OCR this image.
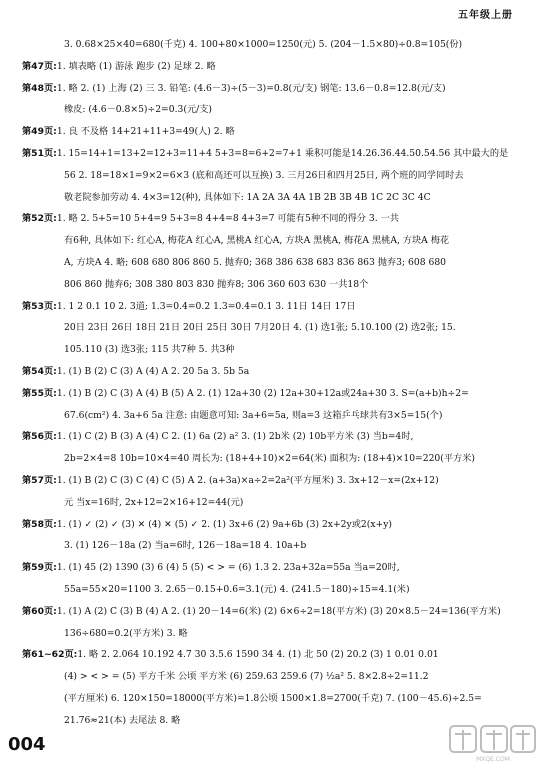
五年级上册
3. 0.68×25×40=680(千克) 4. 100+80×1000=1250(元) 5. (204－1.5×80)÷0.8=105(份)
第47页:1. 填表略 (1) 游泳 跑步 (2) 足球 2. 略
第48页:1. 略 2. (1) 上海 (2) 三 3. 铅笔: (4.6－3)÷(5－3)=0.8(元/支) 钢笔: 13.6－0.8=12.8(元/支)
橡皮: (4.6－0.8×5)÷2=0.3(元/支)
第49页:1. 良 不及格 14+21+11+3=49(人) 2. 略
第51页:1. 15=14+1=13+2=12+3=11+4 5+3=8=6+2=7+1 乘积可能是14.26.36.44.50.54.56 其中最大的是
56 2. 18=18×1=9×2=6×3 (底和高还可以互换) 3. 三月26日和四月25日, 两个班的同学同时去
敬老院参加劳动 4. 4×3=12(种), 具体如下: 1A 2A 3A 4A 1B 2B 3B 4B 1C 2C 3C 4C
第52页:1. 略 2. 5+5=10 5+4=9 5+3=8 4+4=8 4+3=7 可能有5种不同的得分 3. 一共
有6种, 具体如下: 红心A, 梅花A 红心A, 黑桃A 红心A, 方块A 黑桃A, 梅花A 黑桃A, 方块A 梅花
A, 方块A 4. 略; 608 680 806 860 5. 抛弃0; 368 386 638 683 836 863 抛弃3; 608 680
806 860 抛弃6; 308 380 803 830 抛弃8; 306 360 603 630 一共18个
第53页:1. 1 2 0.1 10 2. 3道; 1.3=0.4=0.2 1.3=0.4=0.1 3. 11日 14日 17日
20日 23日 26日 18日 21日 20日 25日 30日 7月20日 4. (1) 选1张; 5.10.100 (2) 选2张; 15.
105.110 (3) 选3张; 115 共7种 5. 共3种
第54页:1. (1) B (2) C (3) A (4) A 2. 20 5a 3. 5b 5a
第55页:1. (1) B (2) C (3) A (4) B (5) A 2. (1) 12a+30 (2) 12a+30+12a或24a+30 3. S=(a+b)h÷2=
67.6(cm²) 4. 3a+6 5a 注意: 由题意可知: 3a+6=5a, 则a=3 这箱乒乓球共有3×5=15(个)
第56页:1. (1) C (2) B (3) A (4) C 2. (1) 6a (2) a² 3. (1) 2b米 (2) 10b平方米 (3) 当b=4时,
2b=2×4=8 10b=10×4=40 周长为: (18+4+10)×2=64(米) 面积为: (18+4)×10=220(平方米)
第57页:1. (1) B (2) C (3) C (4) C (5) A 2. (a+3a)×a÷2=2a²(平方厘米) 3. 3x+12－x=(2x+12)
元 当x=16时, 2x+12=2×16+12=44(元)
第58页:1. (1) ✓ (2) ✓ (3) ✕ (4) ✕ (5) ✓ 2. (1) 3x+6 (2) 9a+6b (3) 2x+2y或2(x+y)
3. (1) 126－18a (2) 当a=6时, 126－18a=18 4. 10a+b
第59页:1. (1) 45 (2) 1390 (3) 6 (4) 5 (5) < > = (6) 1.3 2. 23a+32a=55a 当a=20时,
55a=55×20=1100 3. 2.65－0.15+0.6=3.1(元) 4. (241.5－180)÷15=4.1(米)
第60页:1. (1) A (2) C (3) B (4) A 2. (1) 20－14=6(米) (2) 6×6÷2=18(平方米) (3) 20×8.5－24=136(平方米)
136÷680=0.2(平方米) 3. 略
第61~62页:1. 略 2. 2.064 10.192 4.7 30 3.5.6 1590 34 4. (1) 北 50 (2) 20.2 (3) 1 0.01 0.01
(4) > < > = (5) 平方千米 公顷 平方米 (6) 259.63 259.6 (7) ½a² 5. 8×2.8÷2=11.2
(平方厘米) 6. 120×150=18000(平方米)=1.8公顷 1500×1.8=2700(千克) 7. (100－45.6)÷2.5=
21.76≈21(本) 去尾法 8. 略
004
MXQE.COM
